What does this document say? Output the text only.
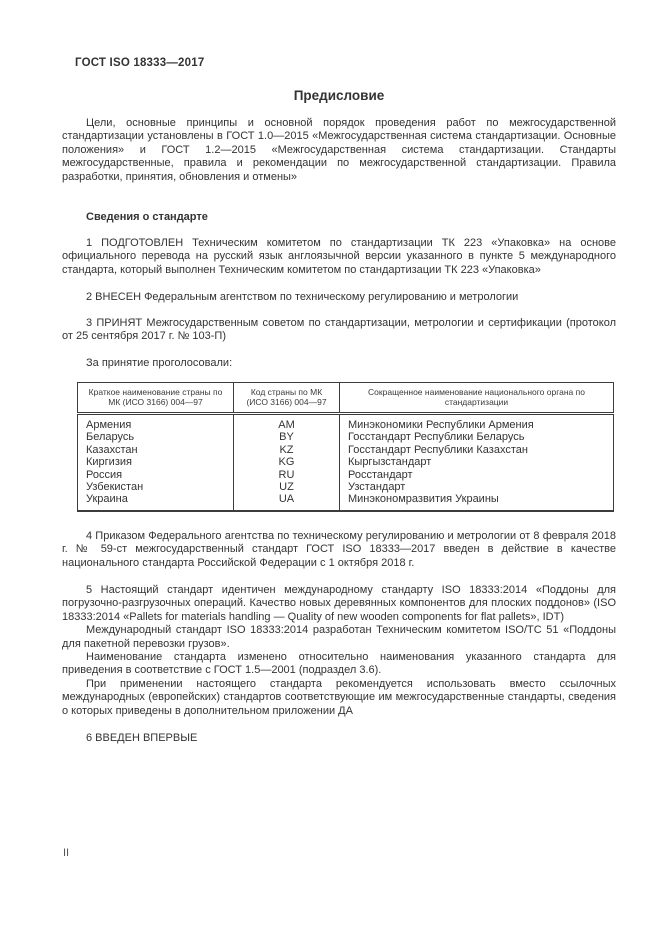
ГОСТ ISO 18333—2017
Предисловие

Цели, основные принципы и основной порядок проведения работ по межгосударственной стандартизации установлены в ГОСТ 1.0—2015 «Межгосударственная система стандартизации. Основные положения» и ГОСТ 1.2—2015 «Межгосударственная система стандартизации. Стандарты межгосударственные, правила и рекомендации по межгосударственной стандартизации. Правила разработки, принятия, обновления и отмены»

Сведения о стандарте

1 ПОДГОТОВЛЕН Техническим комитетом по стандартизации ТК 223 «Упаковка» на основе официального перевода на русский язык англоязычной версии указанного в пункте 5 международного стандарта, который выполнен Техническим комитетом по стандартизации ТК 223 «Упаковка»

2 ВНЕСЕН Федеральным агентством по техническому регулированию и метрологии

3 ПРИНЯТ Межгосударственным советом по стандартизации, метрологии и сертификации (протокол от 25 сентября 2017 г. № 103-П)

За принятие проголосовали:

Краткое наименование страны по МК (ИСО 3166) 004—97	Код страны по МК (ИСО 3166) 004—97	Сокращенное наименование национального органа по стандартизации
Армения	AM	Минэкономики Республики Армения
Беларусь	BY	Госстандарт Республики Беларусь
Казахстан	KZ	Госстандарт Республики Казахстан
Киргизия	KG	Кыргызстандарт
Россия	RU	Росстандарт
Узбекистан	UZ	Узстандарт
Украина	UA	Минэкономразвития Украины

4 Приказом Федерального агентства по техническому регулированию и метрологии от 8 февраля 2018 г. № 59-ст межгосударственный стандарт ГОСТ ISO 18333—2017 введен в действие в качестве национального стандарта Российской Федерации с 1 октября 2018 г.

5 Настоящий стандарт идентичен международному стандарту ISO 18333:2014 «Поддоны для погрузочно-разгрузочных операций. Качество новых деревянных компонентов для плоских поддонов» (ISO 18333:2014 «Pallets for materials handling — Quality of new wooden components for flat pallets», IDT)

Международный стандарт ISO 18333:2014 разработан Техническим комитетом ISO/TC 51 «Поддоны для пакетной перевозки грузов».

Наименование стандарта изменено относительно наименования указанного стандарта для приведения в соответствие с ГОСТ 1.5—2001 (подраздел 3.6).

При применении настоящего стандарта рекомендуется использовать вместо ссылочных международных (европейских) стандартов соответствующие им межгосударственные стандарты, сведения о которых приведены в дополнительном приложении ДА

6 ВВЕДЕН ВПЕРВЫЕ

II
